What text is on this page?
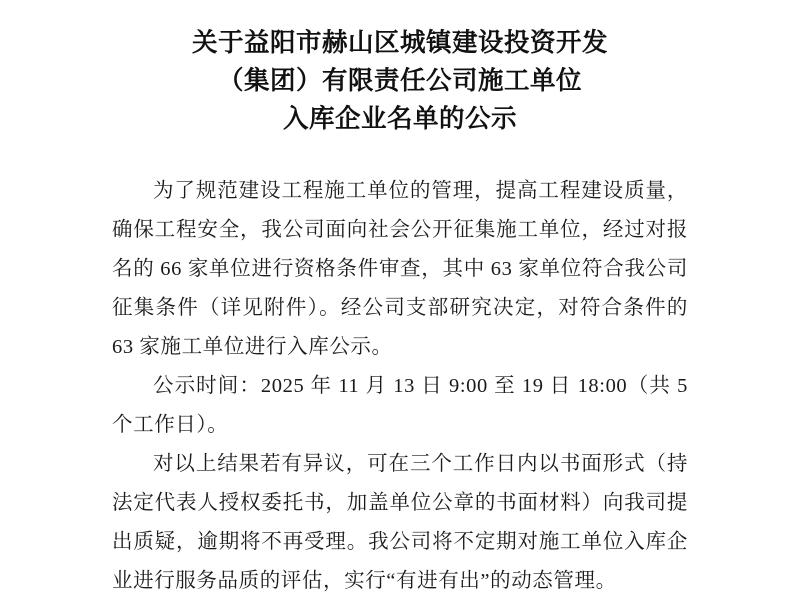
关于益阳市赫山区城镇建设投资开发
（集团）有限责任公司施工单位
入库企业名单的公示

为了规范建设工程施工单位的管理，提高工程建设质量，确保工程安全，我公司面向社会公开征集施工单位，经过对报名的 66 家单位进行资格条件审查，其中 63 家单位符合我公司征集条件（详见附件）。经公司支部研究决定，对符合条件的 63 家施工单位进行入库公示。

公示时间：2025 年 11 月 13 日 9:00 至 19 日 18:00（共 5 个工作日）。

对以上结果若有异议，可在三个工作日内以书面形式（持法定代表人授权委托书，加盖单位公章的书面材料）向我司提出质疑，逾期将不再受理。我公司将不定期对施工单位入库企业进行服务品质的评估，实行“有进有出”的动态管理。
